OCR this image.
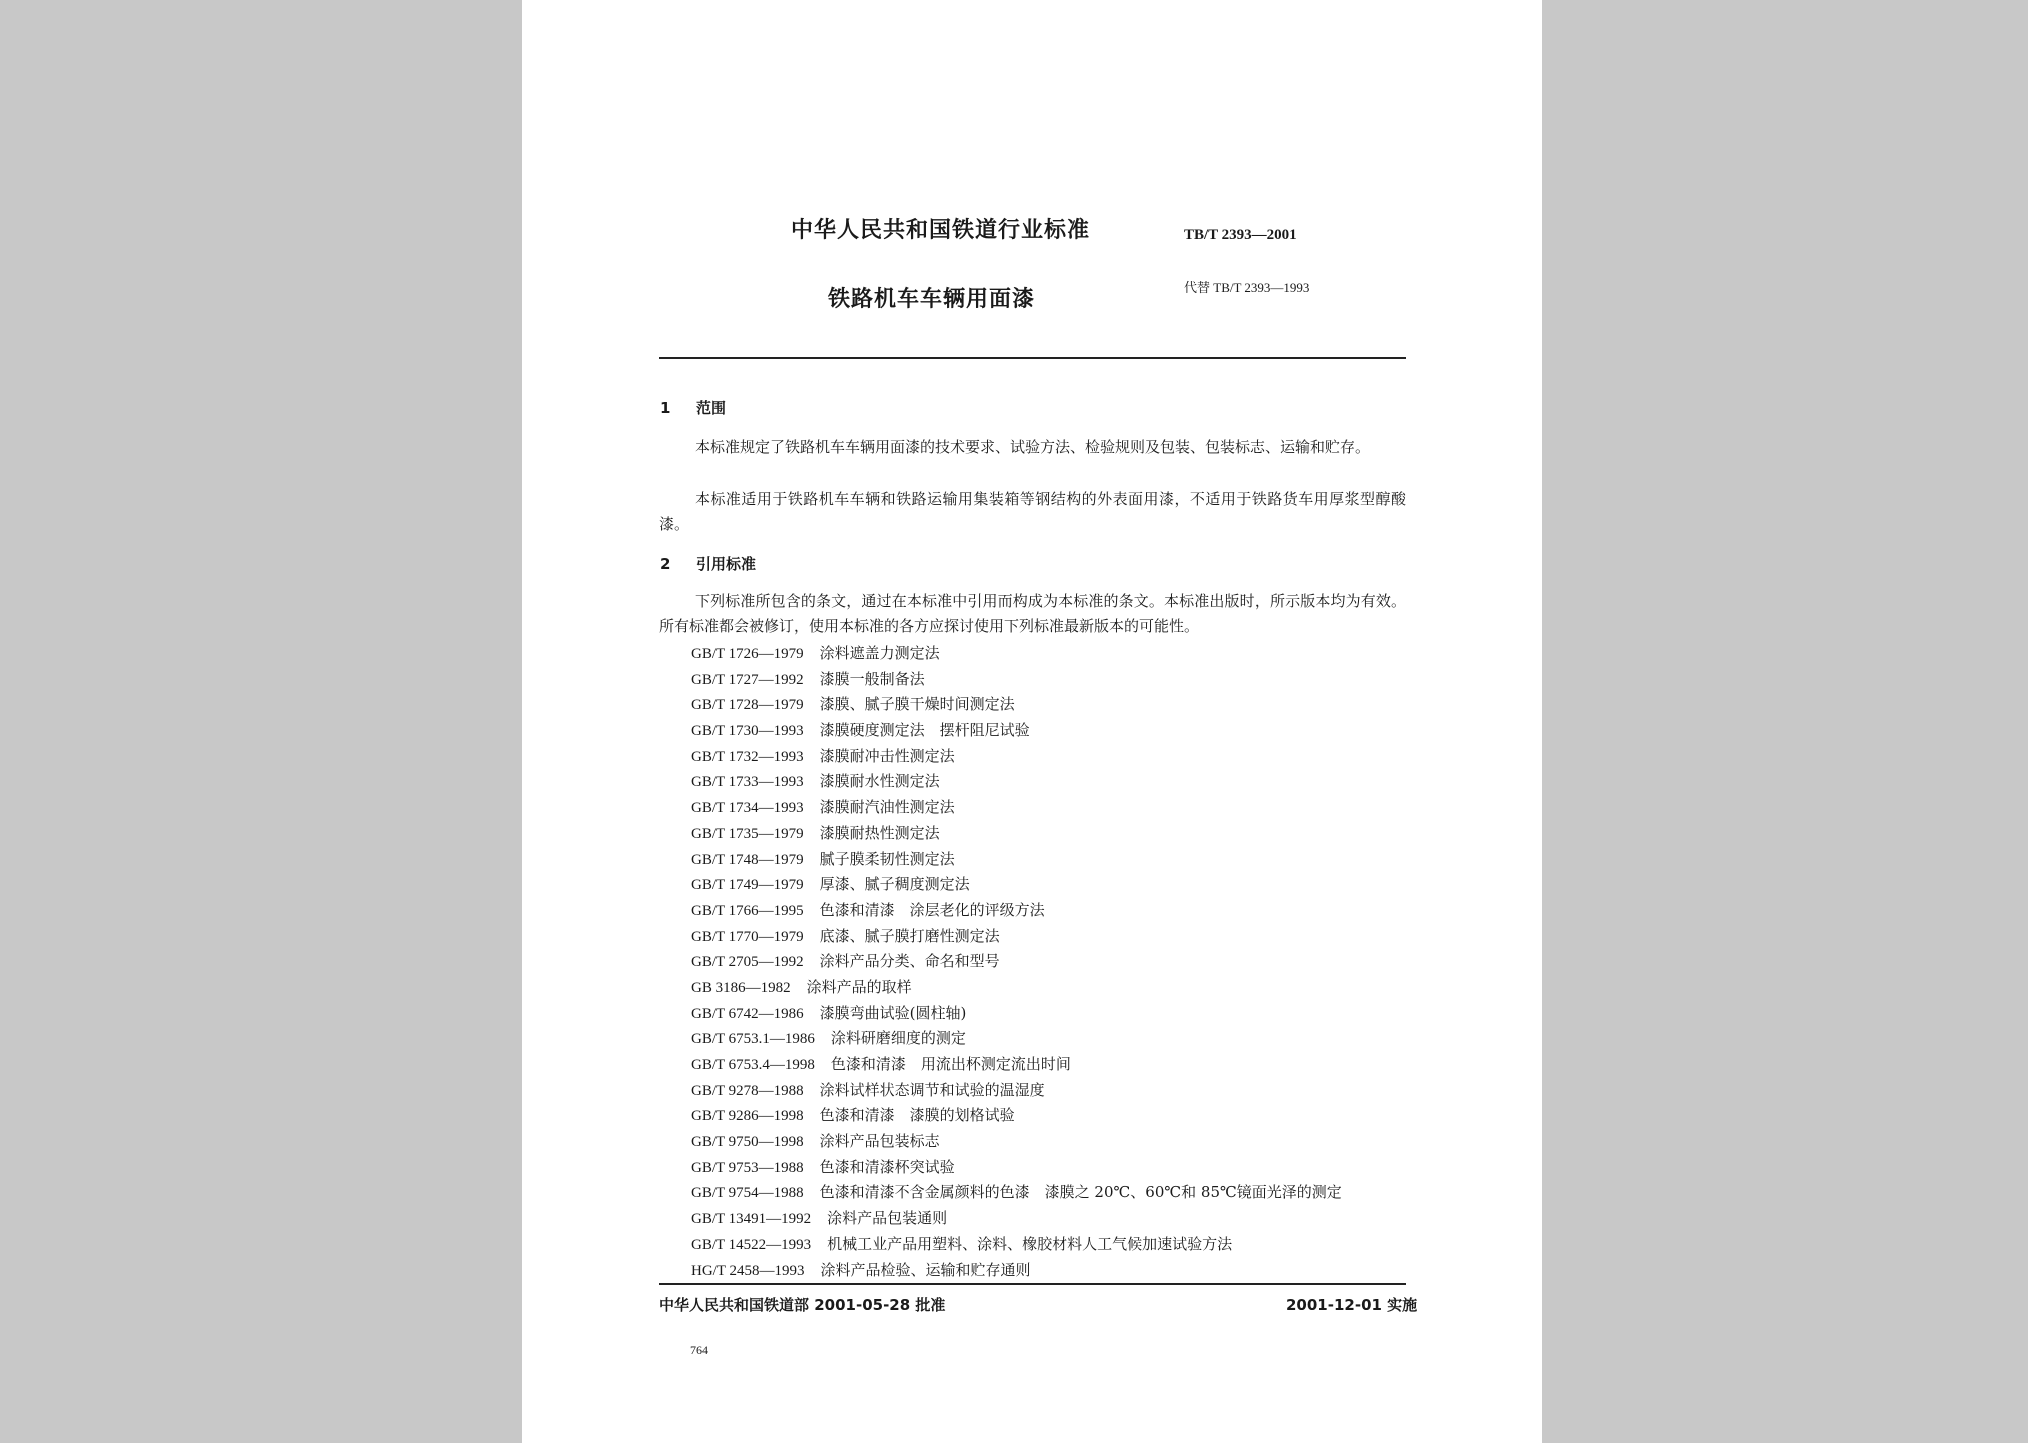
中华人民共和国铁道行业标准	TB/T 2393—2001
铁路机车车辆用面漆	代替 TB/T 2393—1993
1 范围

本标准规定了铁路机车车辆用面漆的技术要求、试验方法、检验规则及包装、包装标志、运输和贮存。

本标准适用于铁路机车车辆和铁路运输用集装箱等钢结构的外表面用漆，不适用于铁路货车用厚浆型醇酸漆。

2 引用标准

下列标准所包含的条文，通过在本标准中引用而构成为本标准的条文。本标准出版时，所示版本均为有效。所有标准都会被修订，使用本标准的各方应探讨使用下列标准最新版本的可能性。

GB/T 1726—1979 涂料遮盖力测定法
GB/T 1727—1992 漆膜一般制备法
GB/T 1728—1979 漆膜、腻子膜干燥时间测定法
GB/T 1730—1993 漆膜硬度测定法　摆杆阻尼试验
GB/T 1732—1993 漆膜耐冲击性测定法
GB/T 1733—1993 漆膜耐水性测定法
GB/T 1734—1993 漆膜耐汽油性测定法
GB/T 1735—1979 漆膜耐热性测定法
GB/T 1748—1979 腻子膜柔韧性测定法
GB/T 1749—1979 厚漆、腻子稠度测定法
GB/T 1766—1995 色漆和清漆　涂层老化的评级方法
GB/T 1770—1979 底漆、腻子膜打磨性测定法
GB/T 2705—1992 涂料产品分类、命名和型号
GB 3186—1982 涂料产品的取样
GB/T 6742—1986 漆膜弯曲试验(圆柱轴)
GB/T 6753.1—1986 涂料研磨细度的测定
GB/T 6753.4—1998 色漆和清漆　用流出杯测定流出时间
GB/T 9278—1988 涂料试样状态调节和试验的温湿度
GB/T 9286—1998 色漆和清漆　漆膜的划格试验
GB/T 9750—1998 涂料产品包装标志
GB/T 9753—1988 色漆和清漆杯突试验
GB/T 9754—1988 色漆和清漆不含金属颜料的色漆　漆膜之 20℃、60℃和 85℃镜面光泽的测定
GB/T 13491—1992 涂料产品包装通则
GB/T 14522—1993 机械工业产品用塑料、涂料、橡胶材料人工气候加速试验方法
HG/T 2458—1993 涂料产品检验、运输和贮存通则
中华人民共和国铁道部 2001-05-28 批准	2001-12-01 实施
764
